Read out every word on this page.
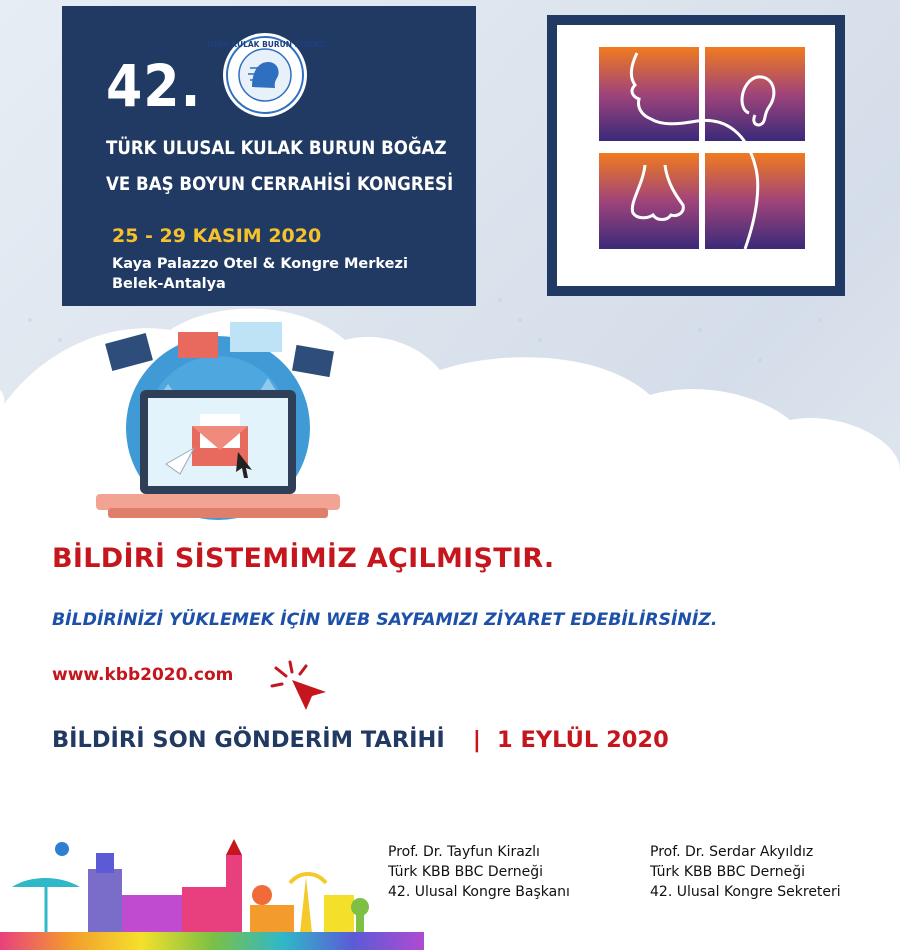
42.
TÜRK KULAK BURUN BOĞAZ
TÜRK ULUSAL KULAK BURUN BOĞAZ
VE BAŞ BOYUN CERRAHİSİ KONGRESİ
25 - 29 KASIM 2020
Kaya Palazzo Otel & Kongre Merkezi
Belek-Antalya
BİLDİRİ SİSTEMİMİZ AÇILMIŞTIR.
BİLDİRİNİZİ YÜKLEMEK İÇİN WEB SAYFAMIZI ZİYARET EDEBİLİRSİNİZ.
www.kbb2020.com
BİLDİRİ SON GÖNDERİM TARİHİ | 1 EYLÜL 2020
Prof. Dr. Tayfun Kirazlı
Türk KBB BBC Derneği
42. Ulusal Kongre Başkanı
Prof. Dr. Serdar Akyıldız
Türk KBB BBC Derneği
42. Ulusal Kongre Sekreteri
